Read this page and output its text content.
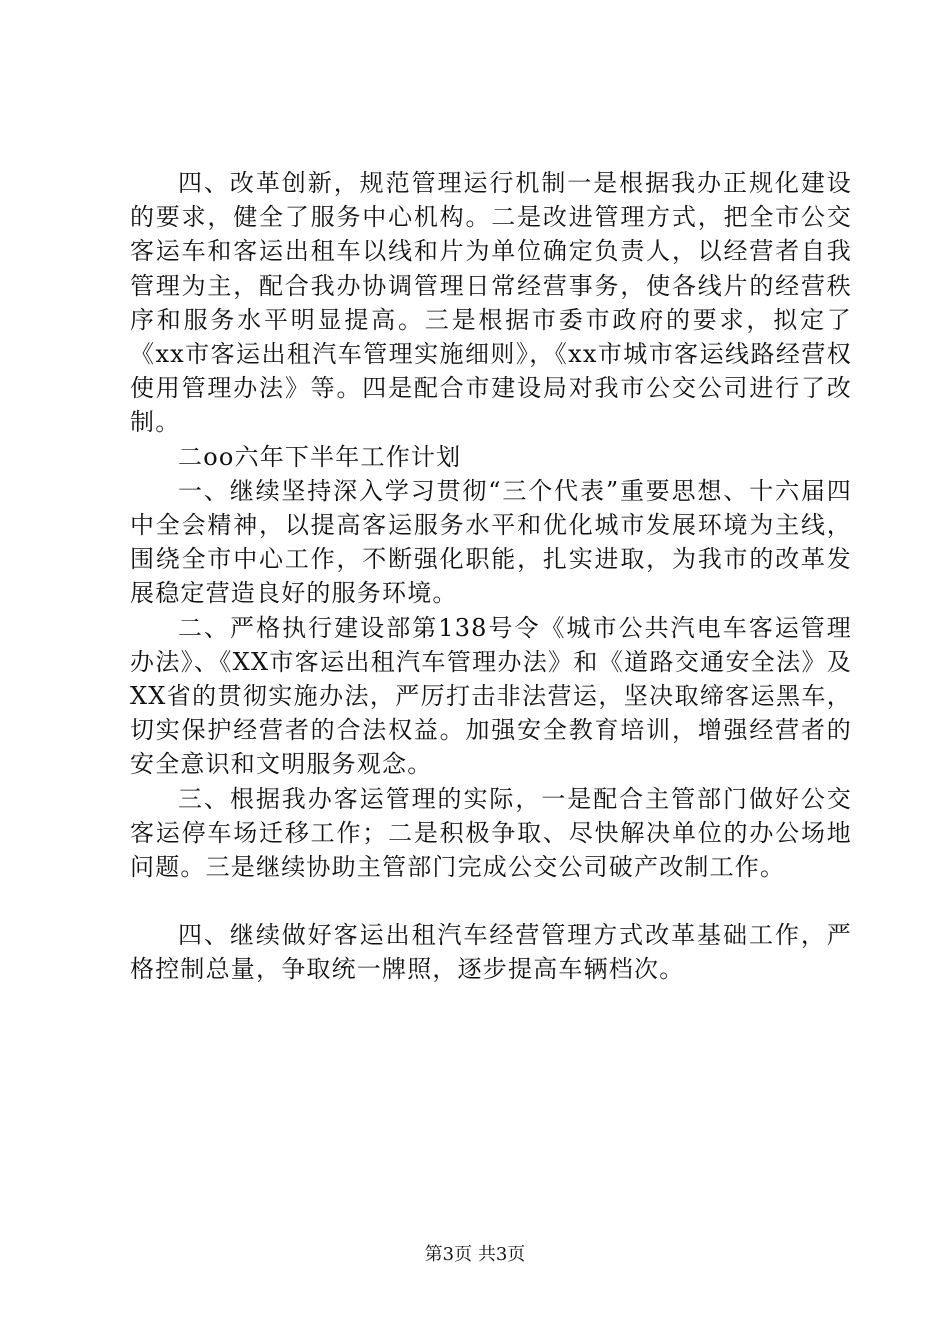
四、改革创新，规范管理运行机制一是根据我办正规化建设的要求，健全了服务中心机构。二是改进管理方式，把全市公交客运车和客运出租车以线和片为单位确定负责人，以经营者自我管理为主，配合我办协调管理日常经营事务，使各线片的经营秩序和服务水平明显提高。三是根据市委市政府的要求，拟定了《xx市客运出租汽车管理实施细则》，《xx市城市客运线路经营权使用管理办法》等。四是配合市建设局对我市公交公司进行了改制。

二oo六年下半年工作计划

一、继续坚持深入学习贯彻“三个代表”重要思想、十六届四中全会精神，以提高客运服务水平和优化城市发展环境为主线，围绕全市中心工作，不断强化职能，扎实进取，为我市的改革发展稳定营造良好的服务环境。

二、严格执行建设部第138号令《城市公共汽电车客运管理办法》、《XX市客运出租汽车管理办法》和《道路交通安全法》及XX省的贯彻实施办法，严厉打击非法营运，坚决取缔客运黑车，切实保护经营者的合法权益。加强安全教育培训，增强经营者的安全意识和文明服务观念。

三、根据我办客运管理的实际，一是配合主管部门做好公交客运停车场迁移工作；二是积极争取、尽快解决单位的办公场地问题。三是继续协助主管部门完成公交公司破产改制工作。

四、继续做好客运出租汽车经营管理方式改革基础工作，严格控制总量，争取统一牌照，逐步提高车辆档次。

第3页 共3页
